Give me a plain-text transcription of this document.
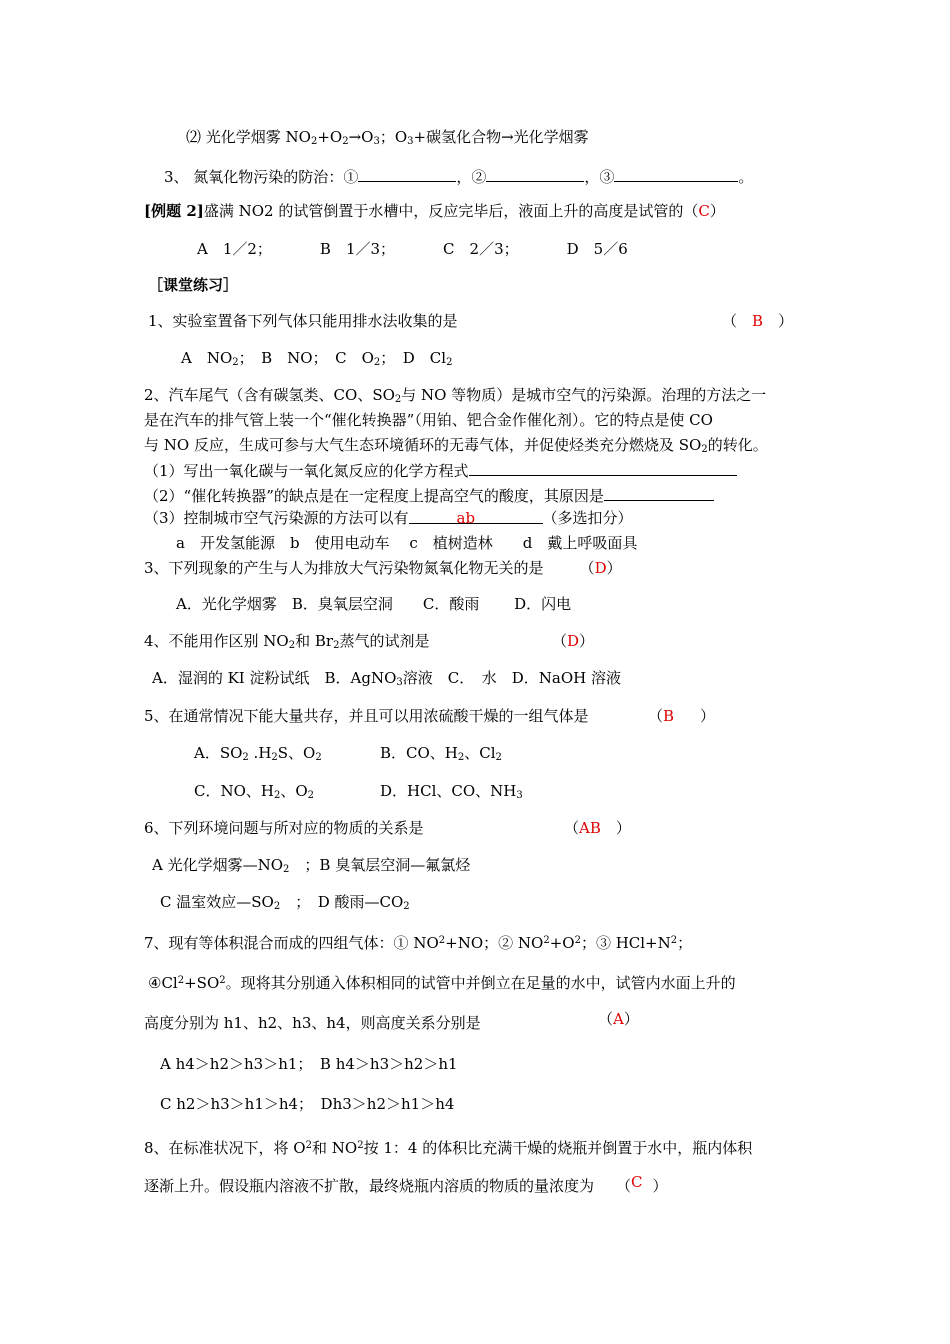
⑵ 光化学烟雾 $NO_2+O_2\to O_3$；$O_3+$碳氢化合物→光化学烟雾
3、 氮氧化物污染的防治：①	，②	，③	。
[例题 2]盛满 NO2 的试管倒置于水槽中，反应完毕后，液面上升的高度是试管的（C）
A　1／2；	B　1／3；	C　2／3；	D　5／6
［课堂练习］
1、实验室置备下列气体只能用排水法收集的是	（　 B　 ）
A　$NO_2$；　B　NO；　C　$O_2$；　D　$Cl_2$
2、汽车尾气（含有碳氢类、CO、$SO_2$与 NO 等物质）是城市空气的污染源。治理的方法之一
是在汽车的排气管上装一个“催化转换器”（用铂、钯合金作催化剂）。它的特点是使 CO
与 NO 反应，生成可参与大气生态环境循环的无毒气体，并促使烃类充分燃烧及 $SO_2$的转化。
（1）写出一氧化碳与一氧化氮反应的化学方程式
（2）“催化转换器”的缺点是在一定程度上提高空气的酸度，其原因是
（3）控制城市空气污染源的方法可以有	ab	（多选扣分）
a　开发氢能源　b　使用电动车　 c　植树造林　　d　戴上呼吸面具
3、下列现象的产生与人为排放大气污染物氮氧化物无关的是 （D）
A．光化学烟雾　B．臭氧层空洞　　C．酸雨　　 D．闪电
4、不能用作区别 $NO_2$和 $Br_2$蒸气的试剂是	（D）
A．湿润的 KI 淀粉试纸　B．AgNO$_3$溶液　C．　水　D．NaOH 溶液
5、在通常情况下能大量共存，并且可以用浓硫酸干燥的一组气体是	（B ）
A．$SO_2$ $.H_2S$、$O_2$	B．CO、$H_2$、$Cl_2$
C．NO、$H_2$、$O_2$	D．HCl、CO、$NH_3$
6、下列环境问题与所对应的物质的关系是	（AB　 ）
A 光化学烟雾$—NO_2$　；B 臭氧层空洞—氟氯烃
C 温室效应$—SO_2$　；　D 酸雨$—CO_2$
7、现有等体积混合而成的四组气体：① $NO^2+NO$；② $NO^2+O^2$；③ $HCl+N^2$；
$④Cl^2+SO^2$。现将其分别通入体积相同的试管中并倒立在足量的水中，试管内水面上升的
高度分别为 h1、h2、h3、h4，则高度关系分别是	（A）
A h4＞h2＞h3＞h1；　B h4＞h3＞h2＞h1
C h2＞h3＞h1＞h4；　Dh3＞h2＞h1＞h4
8、在标准状况下，将 $O^2$和 $NO^2$按 1：4 的体积比充满干燥的烧瓶并倒置于水中，瓶内体积
逐渐上升。假设瓶内溶液不扩散，最终烧瓶内溶质的物质的量浓度为 （C ）
